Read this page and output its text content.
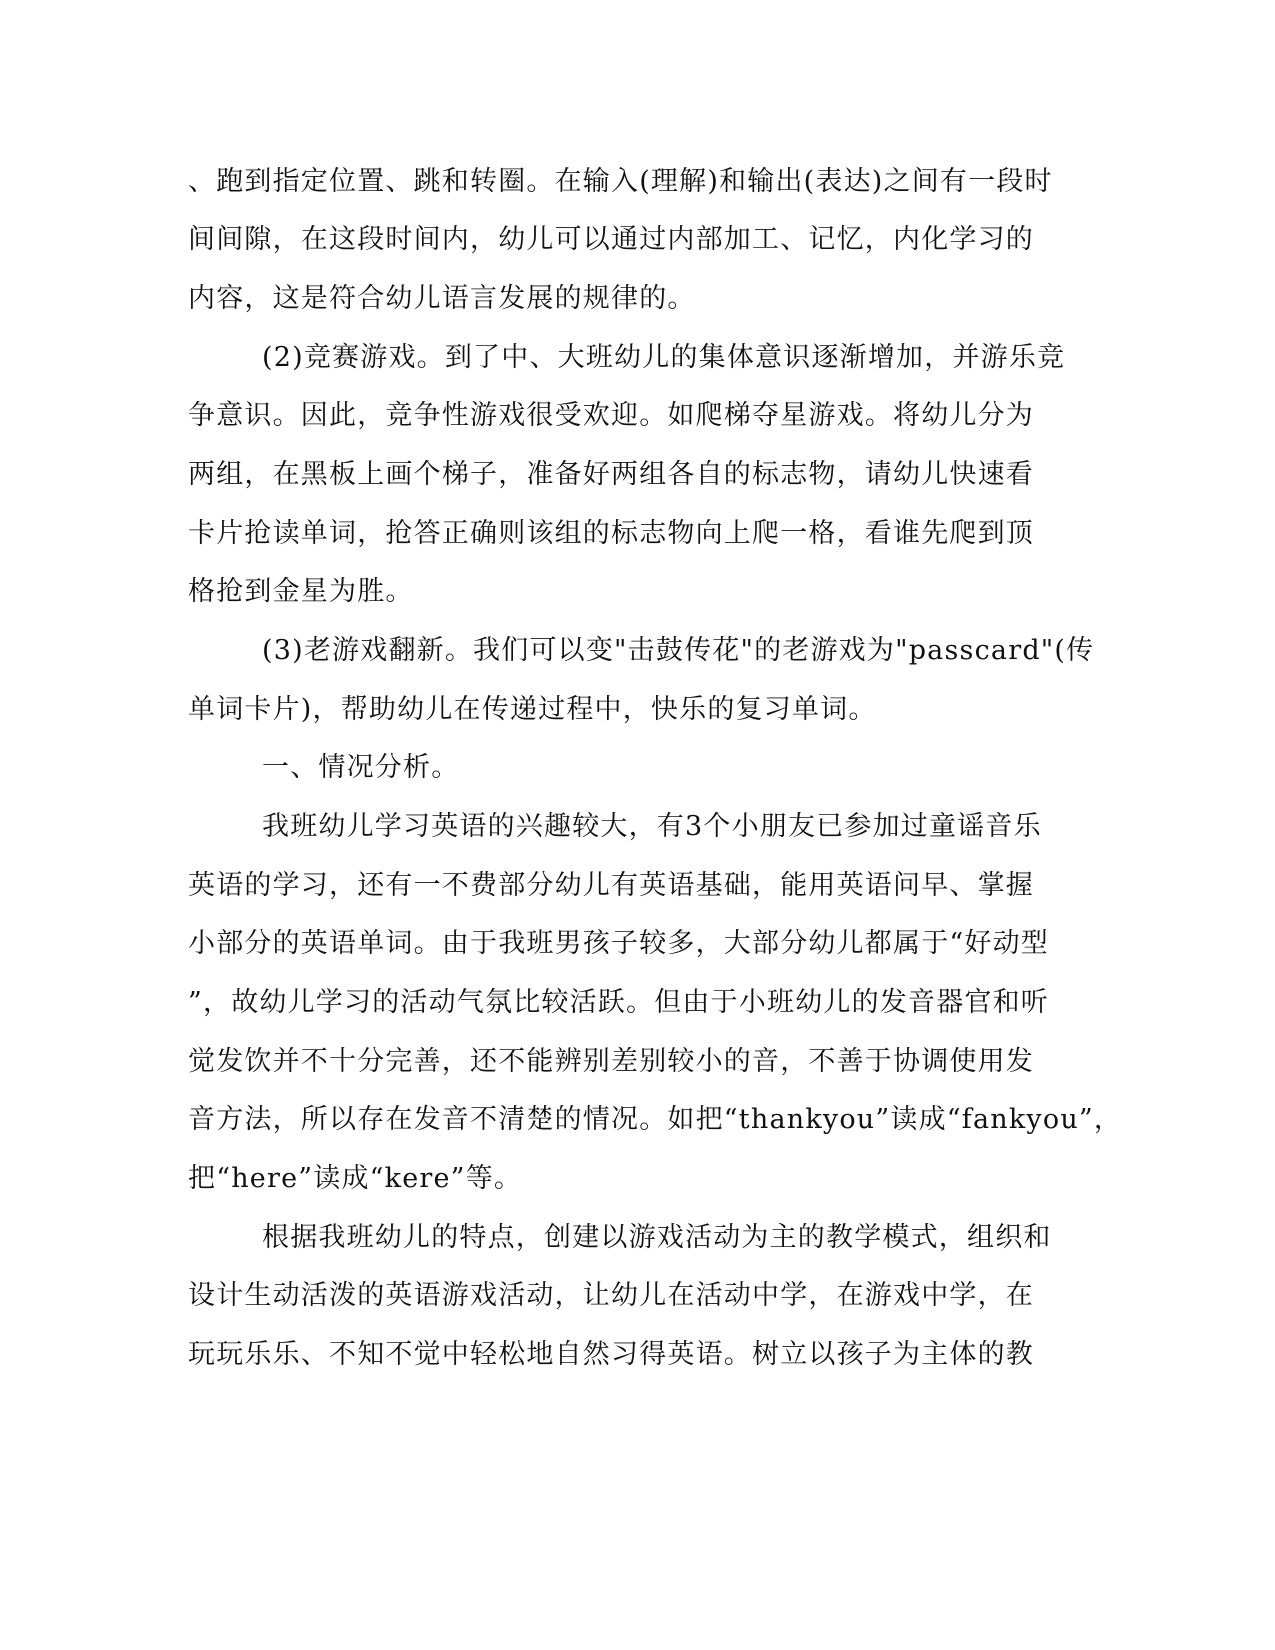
、跑到指定位置、跳和转圈。在输入(理解)和输出(表达)之间有一段时
间间隙，在这段时间内，幼儿可以通过内部加工、记忆，内化学习的
内容，这是符合幼儿语言发展的规律的。
(2)竞赛游戏。到了中、大班幼儿的集体意识逐渐增加，并游乐竞
争意识。因此，竞争性游戏很受欢迎。如爬梯夺星游戏。将幼儿分为
两组，在黑板上画个梯子，准备好两组各自的标志物，请幼儿快速看
卡片抢读单词，抢答正确则该组的标志物向上爬一格，看谁先爬到顶
格抢到金星为胜。
(3)老游戏翻新。我们可以变"击鼓传花"的老游戏为"passcard"(传
单词卡片)，帮助幼儿在传递过程中，快乐的复习单词。
一、情况分析。
我班幼儿学习英语的兴趣较大，有3个小朋友已参加过童谣音乐
英语的学习，还有一不费部分幼儿有英语基础，能用英语问早、掌握
小部分的英语单词。由于我班男孩子较多，大部分幼儿都属于“好动型
”，故幼儿学习的活动气氛比较活跃。但由于小班幼儿的发音器官和听
觉发饮并不十分完善，还不能辨别差别较小的音，不善于协调使用发
音方法，所以存在发音不清楚的情况。如把“thankyou”读成“fankyou”，
把“here”读成“kere”等。
根据我班幼儿的特点，创建以游戏活动为主的教学模式，组织和
设计生动活泼的英语游戏活动，让幼儿在活动中学，在游戏中学，在
玩玩乐乐、不知不觉中轻松地自然习得英语。树立以孩子为主体的教
